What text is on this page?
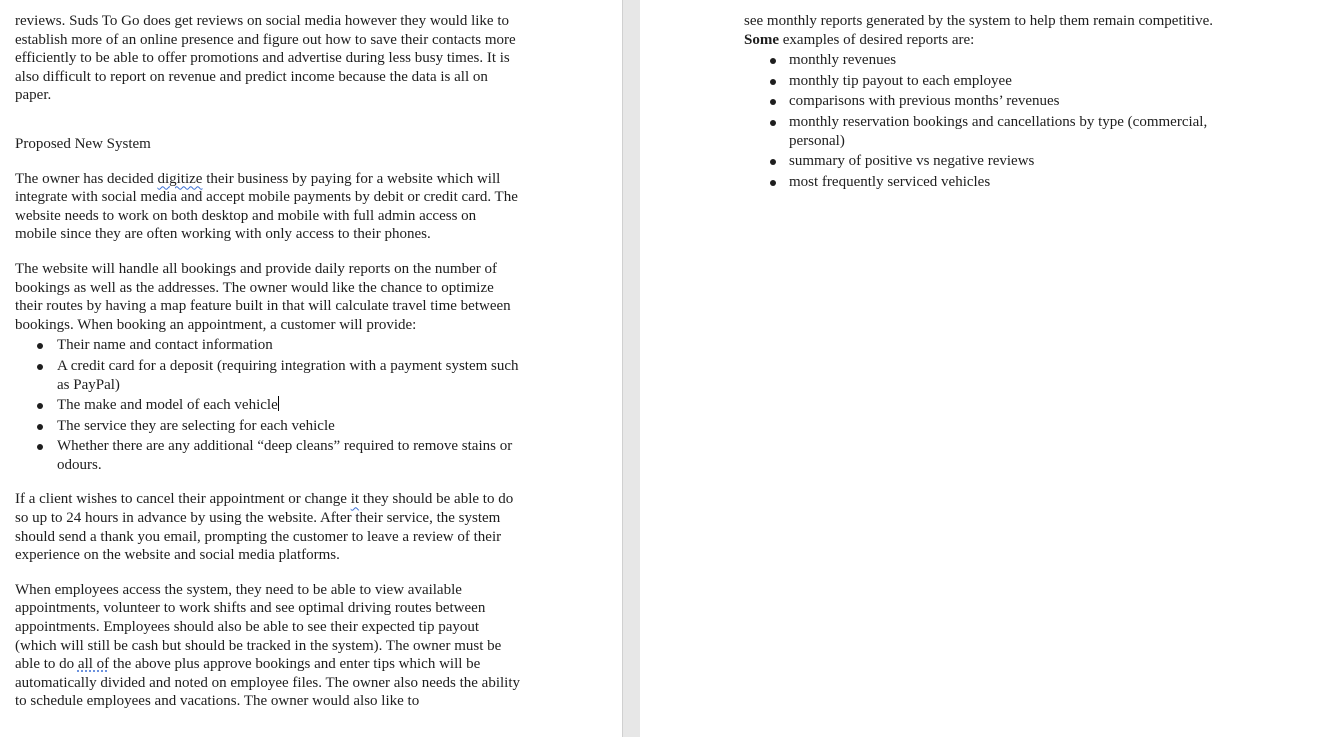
reviews. Suds To Go does get reviews on social media however they would like to establish more of an online presence and figure out how to save their contacts more efficiently to be able to offer promotions and advertise during less busy times. It is also difficult to report on revenue and predict income because the data is all on paper.

Proposed New System

The owner has decided digitize their business by paying for a website which will integrate with social media and accept mobile payments by debit or credit card. The website needs to work on both desktop and mobile with full admin access on mobile since they are often working with only access to their phones.

The website will handle all bookings and provide daily reports on the number of bookings as well as the addresses. The owner would like the chance to optimize their routes by having a map feature built in that will calculate travel time between bookings. When booking an appointment, a customer will provide:

Their name and contact information
A credit card for a deposit (requiring integration with a payment system such as PayPal)
The make and model of each vehicle
The service they are selecting for each vehicle
Whether there are any additional “deep cleans” required to remove stains or odours.

If a client wishes to cancel their appointment or change it they should be able to do so up to 24 hours in advance by using the website. After their service, the system should send a thank you email, prompting the customer to leave a review of their experience on the website and social media platforms.

When employees access the system, they need to be able to view available appointments, volunteer to work shifts and see optimal driving routes between appointments. Employees should also be able to see their expected tip payout (which will still be cash but should be tracked in the system). The owner must be able to do all of the above plus approve bookings and enter tips which will be automatically divided and noted on employee files. The owner also needs the ability to schedule employees and vacations. The owner would also like to

see monthly reports generated by the system to help them remain competitive.

Some examples of desired reports are:

monthly revenues
monthly tip payout to each employee
comparisons with previous months’ revenues
monthly reservation bookings and cancellations by type (commercial, personal)
summary of positive vs negative reviews
most frequently serviced vehicles
